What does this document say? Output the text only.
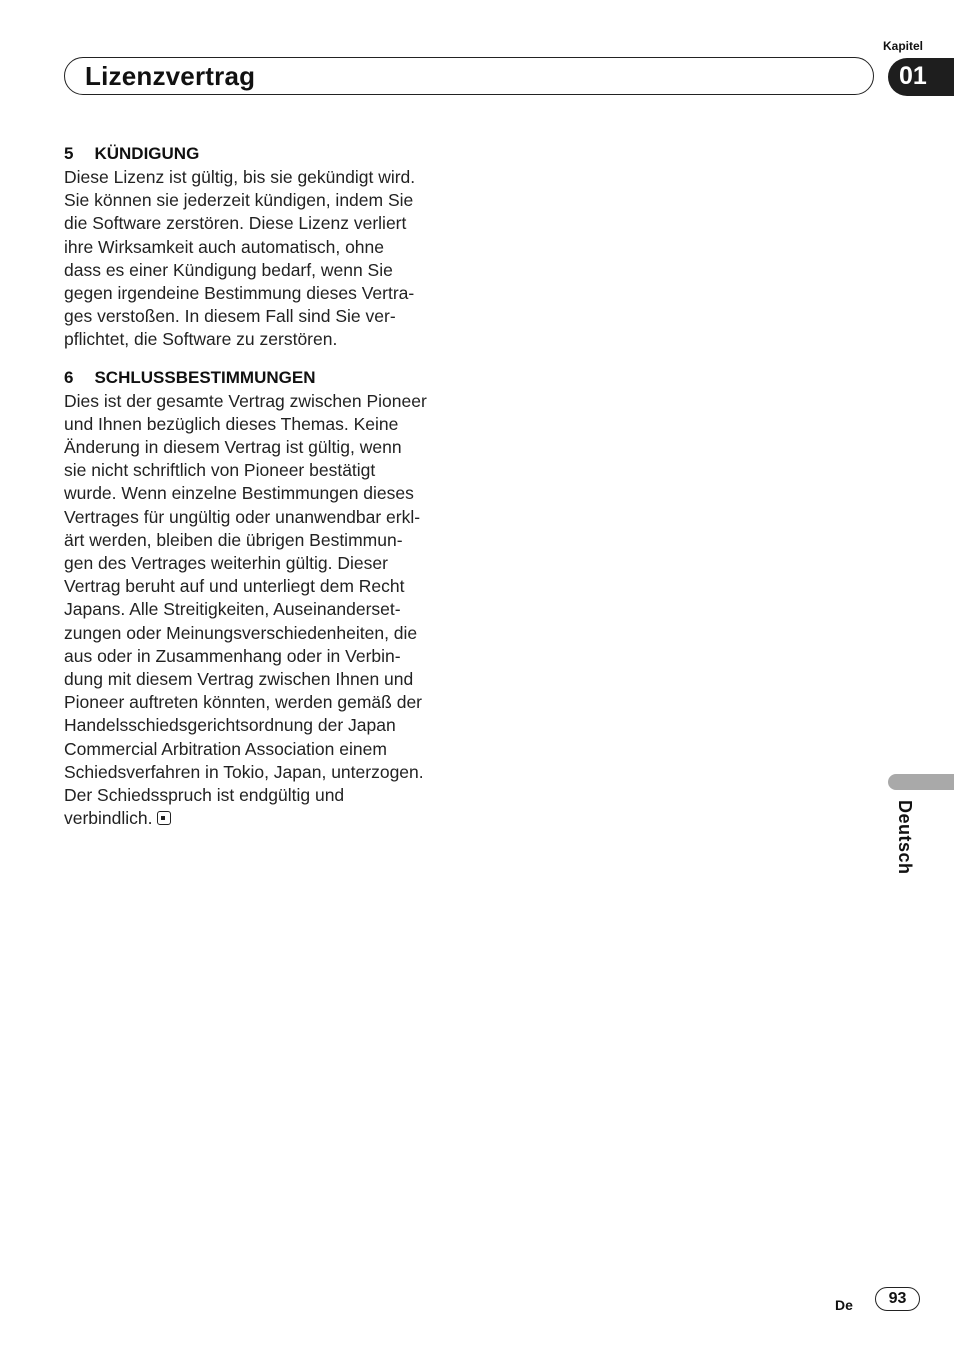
Kapitel
Lizenzvertrag	01
5 KÜNDIGUNG

Diese Lizenz ist gültig, bis sie gekündigt wird.
Sie können sie jederzeit kündigen, indem Sie
die Software zerstören. Diese Lizenz verliert
ihre Wirksamkeit auch automatisch, ohne
dass es einer Kündigung bedarf, wenn Sie
gegen irgendeine Bestimmung dieses Vertra-
ges verstoßen. In diesem Fall sind Sie ver-
pflichtet, die Software zu zerstören.

6 SCHLUSSBESTIMMUNGEN

Dies ist der gesamte Vertrag zwischen Pioneer
und Ihnen bezüglich dieses Themas. Keine
Änderung in diesem Vertrag ist gültig, wenn
sie nicht schriftlich von Pioneer bestätigt
wurde. Wenn einzelne Bestimmungen dieses
Vertrages für ungültig oder unanwendbar erkl-
ärt werden, bleiben die übrigen Bestimmun-
gen des Vertrages weiterhin gültig. Dieser
Vertrag beruht auf und unterliegt dem Recht
Japans. Alle Streitigkeiten, Auseinanderset-
zungen oder Meinungsverschiedenheiten, die
aus oder in Zusammenhang oder in Verbin-
dung mit diesem Vertrag zwischen Ihnen und
Pioneer auftreten könnten, werden gemäß der
Handelsschiedsgerichtsordnung der Japan
Commercial Arbitration Association einem
Schiedsverfahren in Tokio, Japan, unterzogen.
Der Schiedsspruch ist endgültig und
verbindlich.	Deutsch
De	93
